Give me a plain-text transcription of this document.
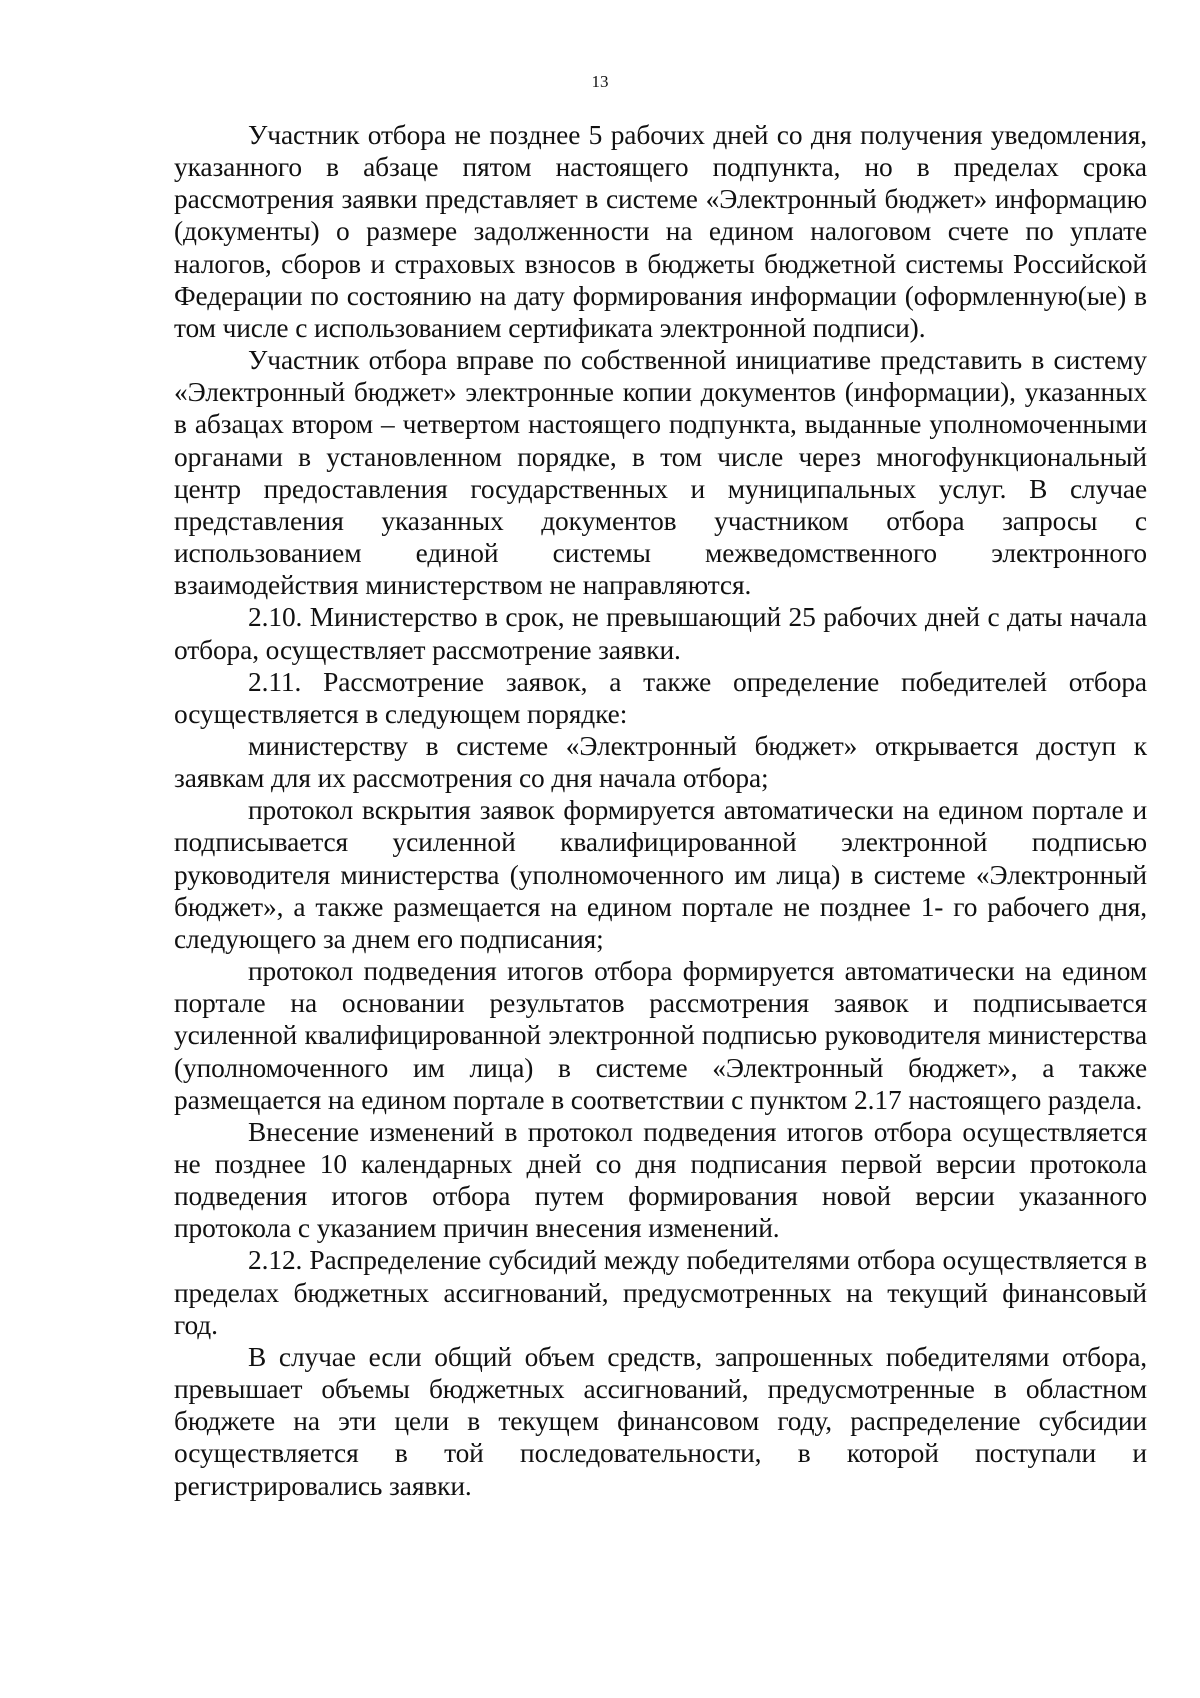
13

Участник отбора не позднее 5 рабочих дней со дня получения уведомления, указанного в абзаце пятом настоящего подпункта, но в пределах срока рассмотрения заявки представляет в системе «Электронный бюджет» информацию (документы) о размере задолженности на едином налоговом счете по уплате налогов, сборов и страховых взносов в бюджеты бюджетной системы Российской Федерации по состоянию на дату формирования информации (оформленную(ые) в том числе с использованием сертификата электронной подписи).

Участник отбора вправе по собственной инициативе представить в систему «Электронный бюджет» электронные копии документов (информации), указанных в абзацах втором – четвертом настоящего подпункта, выданные уполномоченными органами в установленном порядке, в том числе через многофункциональный центр предоставления государственных и муниципальных услуг. В случае представления указанных документов участником отбора запросы с использованием единой системы межведомственного электронного взаимодействия министерством не направляются.

2.10. Министерство в срок, не превышающий 25 рабочих дней с даты начала отбора, осуществляет рассмотрение заявки.

2.11. Рассмотрение заявок, а также определение победителей отбора осуществляется в следующем порядке:

министерству в системе «Электронный бюджет» открывается доступ к заявкам для их рассмотрения со дня начала отбора;

протокол вскрытия заявок формируется автоматически на едином портале и подписывается усиленной квалифицированной электронной подписью руководителя министерства (уполномоченного им лица) в системе «Электронный бюджет», а также размещается на едином портале не позднее 1- го рабочего дня, следующего за днем его подписания;

протокол подведения итогов отбора формируется автоматически на едином портале на основании результатов рассмотрения заявок и подписывается усиленной квалифицированной электронной подписью руководителя министерства (уполномоченного им лица) в системе «Электронный бюджет», а также размещается на едином портале в соответствии с пунктом 2.17 настоящего раздела.

Внесение изменений в протокол подведения итогов отбора осуществляется не позднее 10 календарных дней со дня подписания первой версии протокола подведения итогов отбора путем формирования новой версии указанного протокола с указанием причин внесения изменений.

2.12. Распределение субсидий между победителями отбора осуществляется в пределах бюджетных ассигнований, предусмотренных на текущий финансовый год.

В случае если общий объем средств, запрошенных победителями отбора, превышает объемы бюджетных ассигнований, предусмотренные в областном бюджете на эти цели в текущем финансовом году, распределение субсидии осуществляется в той последовательности, в которой поступали и регистрировались заявки.
